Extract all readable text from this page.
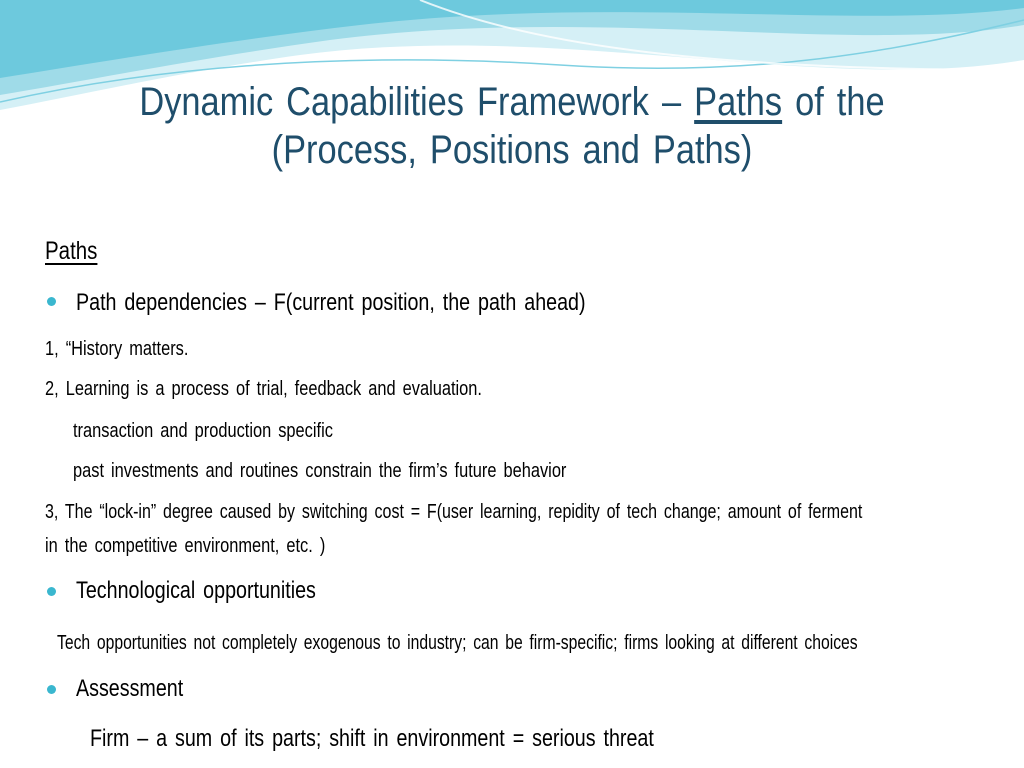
Dynamic Capabilities Framework – Paths of the
(Process, Positions and Paths)
Paths
Path dependencies – F(current position, the path ahead)
1, “History matters.
2, Learning is a process of trial, feedback and evaluation.
transaction and production specific
past investments and routines constrain the firm’s future behavior
3, The “lock-in” degree caused by switching cost = F(user learning, repidity of tech change; amount of ferment
in the competitive environment, etc. )
Technological opportunities
Tech opportunities not completely exogenous to industry; can be firm-specific; firms looking at different choices
Assessment
Firm – a sum of its parts; shift in environment = serious threat
